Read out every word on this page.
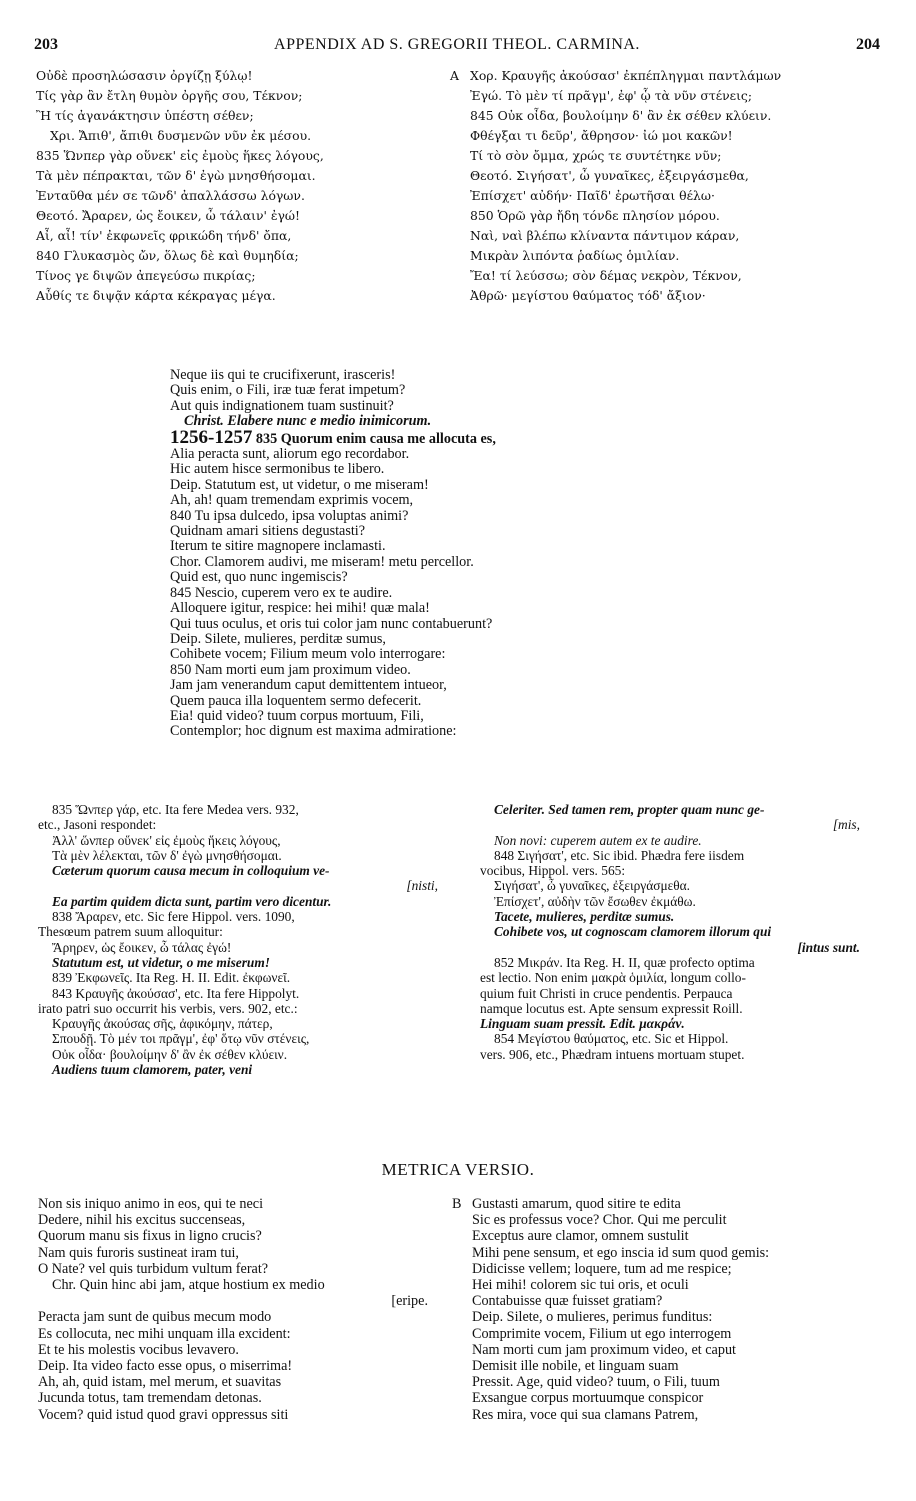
203	APPENDIX AD S. GREGORII THEOL. CARMINA.	204
Οὐδὲ προσηλώσασιν ὀργίζῃ ξύλῳ!
Τίς γὰρ ἂν ἔτλη θυμὸν ὀργῆς σου, Τέκνον;
Ἢ τίς ἀγανάκτησιν ὑπέστη σέθεν;
Χρι. Ἄπιθ', ἄπιθι δυσμενῶν νῦν ἐκ μέσου.
835 Ὥνπερ γὰρ οὕνεκ' εἰς ἐμοὺς ἥκες λόγους,
Τὰ μὲν πέπρακται, τῶν δ' ἐγὼ μνησθήσομαι.
Ἐνταῦθα μέν σε τῶνδ' ἀπαλλάσσω λόγων.
Θεοτό. Ἄραρεν, ὡς ἔοικεν, ὦ τάλαιν' ἐγώ!
Αἶ, αἶ! τίν' ἐκφωνεῖς φρικώδη τήνδ' ὄπα,
840 Γλυκασμὸς ὤν, ὅλως δὲ καὶ θυμηδία;
Τίνος γε διψῶν ἀπεγεύσω πικρίας;
Αὖθίς τε διψᾷν κάρτα κέκραγας μέγα.
A Χορ. Κραυγῆς ἀκούσασ' ἐκπέπληγμαι παντλάμων
Ἐγώ. Τὸ μὲν τί πρᾶγμ', ἐφ' ᾧ τὰ νῦν στένεις;
845 Οὐκ οἶδα, βουλοίμην δ' ἂν ἐκ σέθεν κλύειν.
Φθέγξαι τι δεῦρ', ἄθρησον· ἰώ μοι κακῶν!
Τί τὸ σὸν ὄμμα, χρώς τε συντέτηκε νῦν;
Θεοτό. Σιγήσατ', ὦ γυναῖκες, ἐξειργάσμεθα,
Ἐπίσχετ' αὐδήν· Παῖδ' ἐρωτῆσαι θέλω·
850 Ὁρῶ γὰρ ἤδη τόνδε πλησίον μόρου.
Ναὶ, ναὶ βλέπω κλίναντα πάντιμον κάραν,
Μικρὰν λιπόντα ῥαδίως ὁμιλίαν.
Ἔα! τί λεύσσω; σὸν δέμας νεκρὸν, Τέκνον,
Ἀθρῶ· μεγίστου θαύματος τόδ' ἄξιον·
Neque iis qui te crucifixerunt, irasceris!
Quis enim, o Fili, iræ tuæ ferat impetum?
Aut quis indignationem tuam sustinuit?
Christ. Elabere nunc e medio inimicorum.
1256-1257 835 Quorum enim causa me allocuta es,
Alia peracta sunt, aliorum ego recordabor.
Hic autem hisce sermonibus te libero.
Deip. Statutum est, ut videtur, o me miseram!
Ah, ah! quam tremendam exprimis vocem,
840 Tu ipsa dulcedo, ipsa voluptas animi?
Quidnam amari sitiens degustasti?
Iterum te sitire magnopere inclamasti.
Chor. Clamorem audivi, me miseram! metu percellor.
Quid est, quo nunc ingemiscis?
845 Nescio, cuperem vero ex te audire.
Alloquere igitur, respice: hei mihi! quæ mala!
Qui tuus oculus, et oris tui color jam nunc contabuerunt?
Deip. Silete, mulieres, perditæ sumus,
Cohibete vocem; Filium meum volo interrogare:
850 Nam morti eum jam proximum video.
Jam jam venerandum caput demittentem intueor,
Quem pauca illa loquentem sermo defecerit.
Eia! quid video? tuum corpus mortuum, Fili,
Contemplor; hoc dignum est maxima admiratione:
835 Ὥνπερ γάρ, etc. Ita fere Medea vers. 932,
etc., Jasoni respondet:
Ἀλλ' ὥνπερ οὕνεκ' εἰς ἐμοὺς ἥκεις λόγους,
Τὰ μὲν λέλεκται, τῶν δ' ἐγὼ μνησθήσομαι.
Cæterum quorum causa mecum in colloquium ve-
[nisti,
Ea partim quidem dicta sunt, partim vero dicentur.
838 Ἄραρεν, etc. Sic fere Hippol. vers. 1090,
Thesœum patrem suum alloquitur:
Ἄρηρεν, ὡς ἔοικεν, ὦ τάλας ἐγώ!
Statutum est, ut videtur, o me miserum!
839 Ἐκφωνεῖς. Ita Reg. H. II. Edit. ἐκφωνεῖ.
843 Κραυγῆς ἀκούσασ', etc. Ita fere Hippolyt.
irato patri suo occurrit his verbis, vers. 902, etc.:
Κραυγῆς ἀκούσας σῆς, ἀφικόμην, πάτερ,
Σπουδῇ. Τὸ μέν τοι πρᾶγμ', ἐφ' ὅτῳ νῦν στένεις,
Οὐκ οἶδα· βουλοίμην δ' ἂν ἐκ σέθεν κλύειν.
Audiens tuum clamorem, pater, veni
Celeriter. Sed tamen rem, propter quam nunc ge-
[mis,
Non novi: cuperem autem ex te audire.
848 Σιγήσατ', etc. Sic ibid. Phædra fere iisdem
vocibus, Hippol. vers. 565:
Σιγήσατ', ὦ γυναῖκες, ἐξειργάσμεθα.
Ἐπίσχετ', αὐδὴν τῶν ἔσωθεν ἐκμάθω.
Tacete, mulieres, perditæ sumus.
Cohibete vos, ut cognoscam clamorem illorum qui
[intus sunt.
852 Μικράν. Ita Reg. H. II, quæ profecto optima
est lectio. Non enim μακρὰ ὁμιλία, longum collo-
quium fuit Christi in cruce pendentis. Perpauca
namque locutus est. Apte sensum expressit Roill.
Linguam suam pressit. Edit. μακράν.
854 Μεγίστου θαύματος, etc. Sic et Hippol.
vers. 906, etc., Phædram intuens mortuam stupet.
METRICA VERSIO.
Non sis iniquo animo in eos, qui te neci
Dedere, nihil his excitus succenseas,
Quorum manu sis fixus in ligno crucis?
Nam quis furoris sustineat iram tui,
O Nate? vel quis turbidum vultum ferat?
Chr. Quin hinc abi jam, atque hostium ex medio
[eripe.
Peracta jam sunt de quibus mecum modo
Es collocuta, nec mihi unquam illa excident:
Et te his molestis vocibus levavero.
Deip. Ita video facto esse opus, o miserrima!
Ah, ah, quid istam, mel merum, et suavitas
Jucunda totus, tam tremendam detonas.
Vocem? quid istud quod gravi oppressus siti
B Gustasti amarum, quod sitire te edita
Sic es professus voce? Chor. Qui me perculit
Exceptus aure clamor, omnem sustulit
Mihi pene sensum, et ego inscia id sum quod gemis:
Didicisse vellem; loquere, tum ad me respice;
Hei mihi! colorem sic tui oris, et oculi
Contabuisse quæ fuisset gratiam?
Deip. Silete, o mulieres, perimus funditus:
Comprimite vocem, Filium ut ego interrogem
Nam morti cum jam proximum video, et caput
Demisit ille nobile, et linguam suam
Pressit. Age, quid video? tuum, o Fili, tuum
Exsangue corpus mortuumque conspicor
Res mira, voce qui sua clamans Patrem,
